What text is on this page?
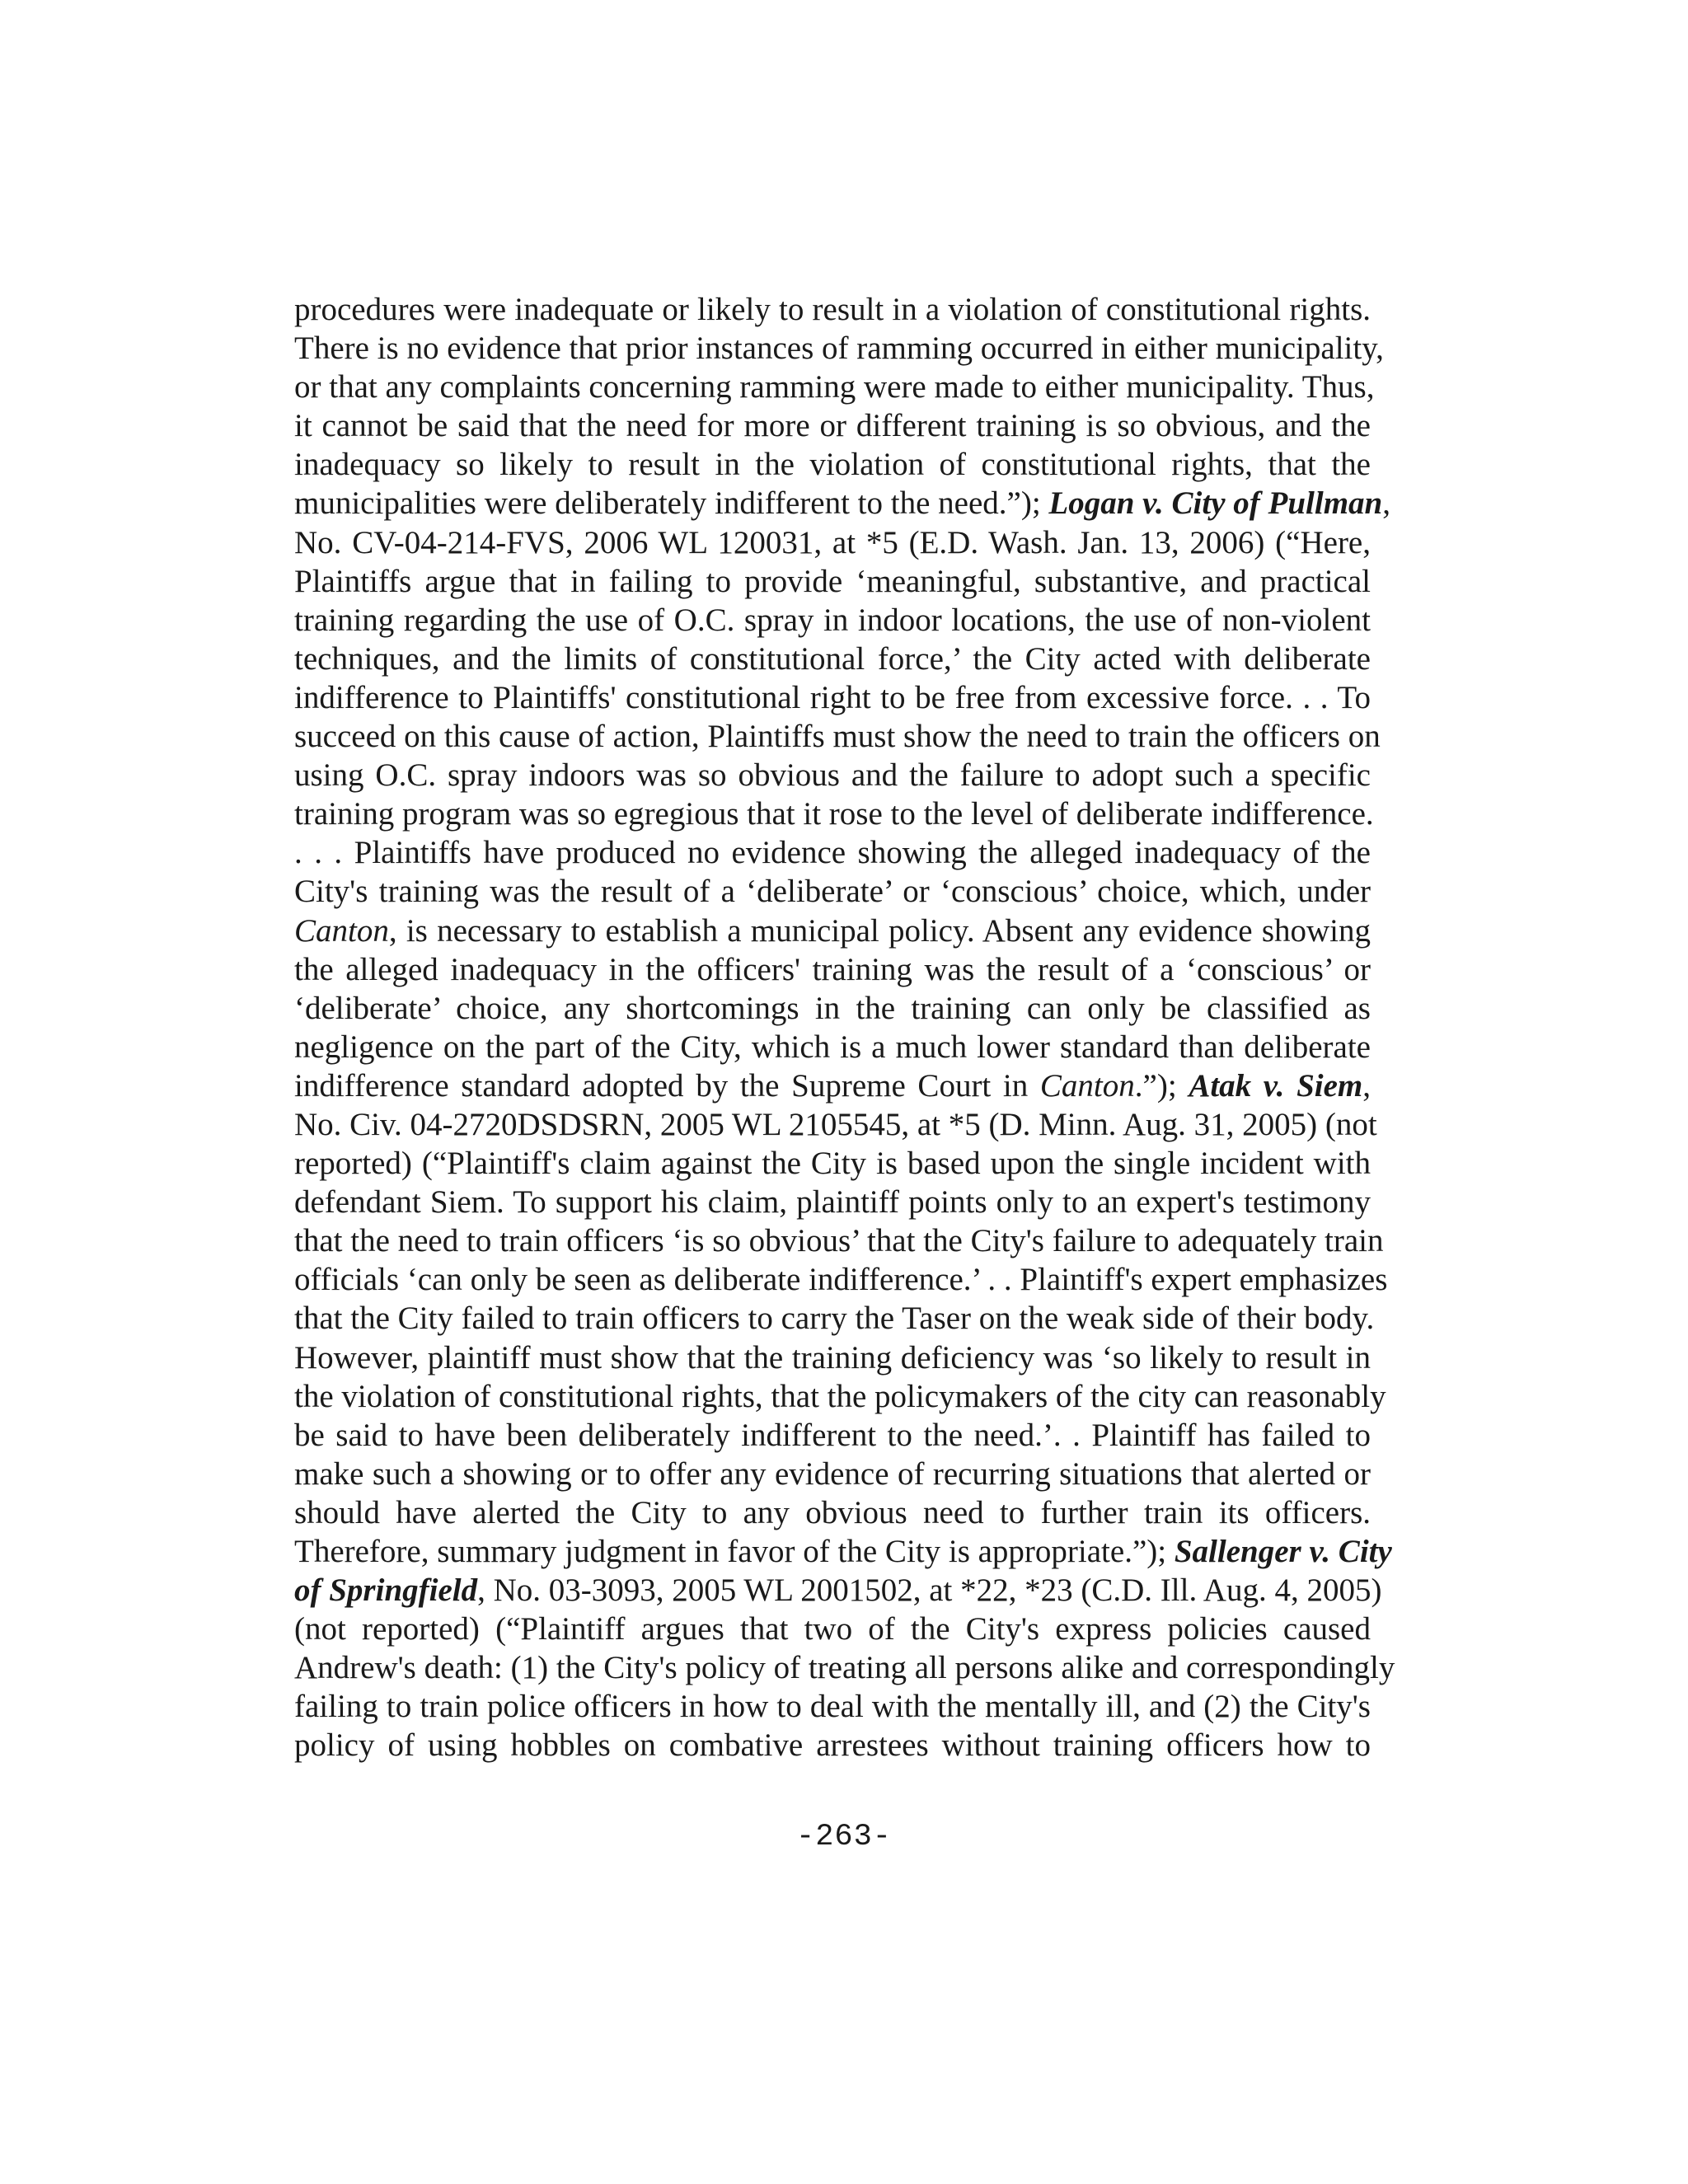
procedures were inadequate or likely to result in a violation of constitutional rights.
There is no evidence that prior instances of ramming occurred in either municipality,
or that any complaints concerning ramming were made to either municipality. Thus,
it cannot be said that the need for more or different training is so obvious, and the
inadequacy so likely to result in the violation of constitutional rights, that the
municipalities were deliberately indifferent to the need.”); Logan v. City of Pullman,
No. CV-04-214-FVS, 2006 WL 120031, at *5 (E.D. Wash. Jan. 13, 2006) (“Here,
Plaintiffs argue that in failing to provide ‘meaningful, substantive, and practical
training regarding the use of O.C. spray in indoor locations, the use of non-violent
techniques, and the limits of constitutional force,’ the City acted with deliberate
indifference to Plaintiffs' constitutional right to be free from excessive force. . . To
succeed on this cause of action, Plaintiffs must show the need to train the officers on
using O.C. spray indoors was so obvious and the failure to adopt such a specific
training program was so egregious that it rose to the level of deliberate indifference.
. . . Plaintiffs have produced no evidence showing the alleged inadequacy of the
City's training was the result of a ‘deliberate’ or ‘conscious’ choice, which, under
Canton, is necessary to establish a municipal policy. Absent any evidence showing
the alleged inadequacy in the officers' training was the result of a ‘conscious’ or
‘deliberate’ choice, any shortcomings in the training can only be classified as
negligence on the part of the City, which is a much lower standard than deliberate
indifference standard adopted by the Supreme Court in Canton.”); Atak v. Siem,
No. Civ. 04-2720DSDSRN, 2005 WL 2105545, at *5 (D. Minn. Aug. 31, 2005) (not
reported) (“Plaintiff's claim against the City is based upon the single incident with
defendant Siem. To support his claim, plaintiff points only to an expert's testimony
that the need to train officers ‘is so obvious’ that the City's failure to adequately train
officials ‘can only be seen as deliberate indifference.’ . . Plaintiff's expert emphasizes
that the City failed to train officers to carry the Taser on the weak side of their body.
However, plaintiff must show that the training deficiency was ‘so likely to result in
the violation of constitutional rights, that the policymakers of the city can reasonably
be said to have been deliberately indifferent to the need.’. . Plaintiff has failed to
make such a showing or to offer any evidence of recurring situations that alerted or
should have alerted the City to any obvious need to further train its officers.
Therefore, summary judgment in favor of the City is appropriate.”); Sallenger v. City
of Springfield, No. 03-3093, 2005 WL 2001502, at *22, *23 (C.D. Ill. Aug. 4, 2005)
(not reported) (“Plaintiff argues that two of the City's express policies caused
Andrew's death: (1) the City's policy of treating all persons alike and correspondingly
failing to train police officers in how to deal with the mentally ill, and (2) the City's
policy of using hobbles on combative arrestees without training officers how to
-263-
